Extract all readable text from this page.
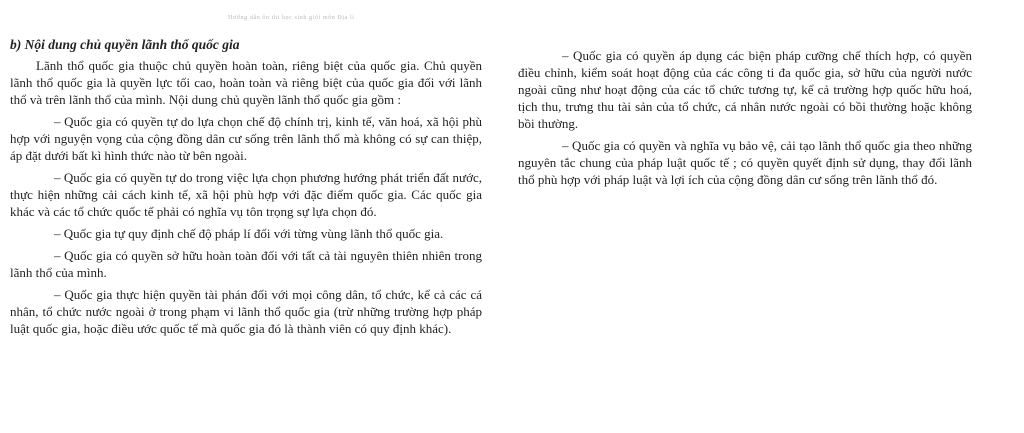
Hướng dẫn ôn thi học sinh giỏi môn Địa lí

b) Nội dung chủ quyền lãnh thổ quốc gia

Lãnh thổ quốc gia thuộc chủ quyền hoàn toàn, riêng biệt của quốc gia. Chủ quyền lãnh thổ quốc gia là quyền lực tối cao, hoàn toàn và riêng biệt của quốc gia đối với lãnh thổ và trên lãnh thổ của mình. Nội dung chủ quyền lãnh thổ quốc gia gồm :

– Quốc gia có quyền tự do lựa chọn chế độ chính trị, kinh tế, văn hoá, xã hội phù hợp với nguyện vọng của cộng đồng dân cư sống trên lãnh thổ mà không có sự can thiệp, áp đặt dưới bất kì hình thức nào từ bên ngoài.

– Quốc gia có quyền tự do trong việc lựa chọn phương hướng phát triển đất nước, thực hiện những cải cách kinh tế, xã hội phù hợp với đặc điểm quốc gia. Các quốc gia khác và các tổ chức quốc tế phải có nghĩa vụ tôn trọng sự lựa chọn đó.

– Quốc gia tự quy định chế độ pháp lí đối với từng vùng lãnh thổ quốc gia.

– Quốc gia có quyền sở hữu hoàn toàn đối với tất cả tài nguyên thiên nhiên trong lãnh thổ của mình.

– Quốc gia thực hiện quyền tài phán đối với mọi công dân, tổ chức, kể cả các cá nhân, tổ chức nước ngoài ở trong phạm vi lãnh thổ quốc gia (trừ những trường hợp pháp luật quốc gia, hoặc điều ước quốc tế mà quốc gia đó là thành viên có quy định khác).

– Quốc gia có quyền áp dụng các biện pháp cưỡng chế thích hợp, có quyền điều chỉnh, kiểm soát hoạt động của các công ti đa quốc gia, sở hữu của người nước ngoài cũng như hoạt động của các tổ chức tương tự, kể cả trường hợp quốc hữu hoá, tịch thu, trưng thu tài sản của tổ chức, cá nhân nước ngoài có bồi thường hoặc không bồi thường.

– Quốc gia có quyền và nghĩa vụ bảo vệ, cải tạo lãnh thổ quốc gia theo những nguyên tắc chung của pháp luật quốc tế ; có quyền quyết định sử dụng, thay đổi lãnh thổ phù hợp với pháp luật và lợi ích của cộng đồng dân cư sống trên lãnh thổ đó.
